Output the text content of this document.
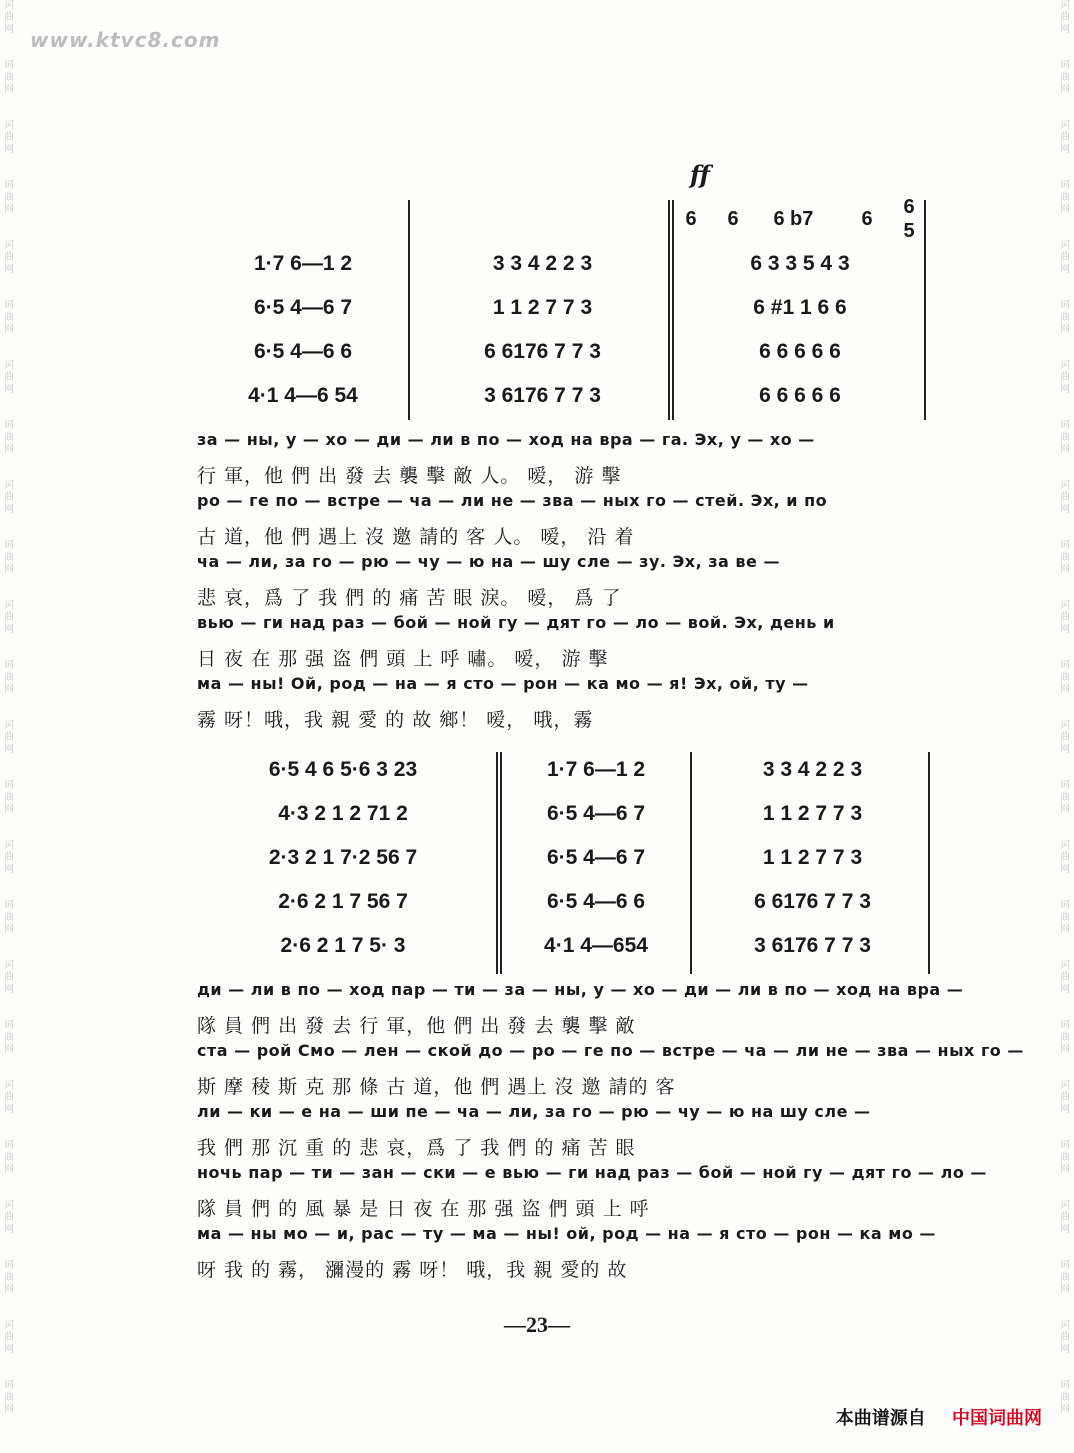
www.ktvc8.com
词
曲
网
词
曲
网
词
曲
网
词
曲
网
词
曲
网
词
曲
网
词
曲
网
词
曲
网
词
曲
网
词
曲
网
词
曲
网
词
曲
网
词
曲
网
词
曲
网
词
曲
网
词
曲
网
词
曲
网
词
曲
网
词
曲
网
词
曲
网
词
曲
网
词
曲
网
词
曲
网
词
曲
网
词
曲
网
词
曲
网
词
曲
网
词
曲
网
词
曲
网
词
曲
网
词
曲
网
词
曲
网
词
曲
网
词
曲
网
词
曲
网
词
曲
网
词
曲
网
词
曲
网
词
曲
网
词
曲
网
词
曲
网
词
曲
网
词
曲
网
词
曲
网
词
曲
网
词
曲
网
词
曲
网
词
曲
网
ff
6 6 6 b7 6
6
5
1·7 6—1 2	3 3 4 2 2 3	6 3 3 5 4 3
6·5 4—6 7	1 1 2 7 7 3	6 #1 1 6 6
6·5 4—6 6	6 6176 7 7 3	6 6 6 6 6
4·1 4—6 54	3 6176 7 7 3	6 6 6 6 6
за — ны, у — хо — ди — ли в по — ход на вра — га. Эх, у — хо —
行 軍，他 們 出 發 去 襲 擊 敵 人。 嗳， 游 擊
ро — ге по — встре — ча — ли не — зва — ных го — стей. Эх, и по
古 道，他 們 遇上 沒 邀 請的 客 人。 嗳， 沿 着
ча — ли, за го — рю — чу — ю на — шу сле — зу. Эх, за ве —
悲 哀，爲 了 我 們 的 痛 苦 眼 淚。 嗳， 爲 了
вью — ги над раз — бой — ной гу — дят го — ло — вой. Эх, день и
日 夜 在 那 强 盗 們 頭 上 呼 嘯。 嗳， 游 擊
ма — ны! Ой, род — на — я сто — рон — ка мо — я! Эх, ой, ту —
霧 呀！哦，我 親 愛 的 故 鄉！ 嗳， 哦，霧
6·5 4 6 5·6 3 23	1·7 6—1 2	3 3 4 2 2 3
4·3 2 1 2 71 2	6·5 4—6 7	1 1 2 7 7 3
2·3 2 1 7·2 56 7	6·5 4—6 7	1 1 2 7 7 3
2·6 2 1 7 56 7	6·5 4—6 6	6 6176 7 7 3
2·6 2 1 7 5· 3	4·1 4—654	3 6176 7 7 3
ди — ли в по — ход пар — ти — за — ны, у — хо — ди — ли в по — ход на вра —
隊 員 們 出 發 去 行 軍，他 們 出 發 去 襲 擊 敵
ста — рой Смо — лен — ской до — ро — ге по — встре — ча — ли не — зва — ных го —
斯 摩 稜 斯 克 那 條 古 道，他 們 遇上 沒 邀 請的 客
ли — ки — е на — ши пе — ча — ли, за го — рю — чу — ю на шу сле —
我 們 那 沉 重 的 悲 哀，爲 了 我 們 的 痛 苦 眼
ночь пар — ти — зан — ски — е вью — ги над раз — бой — ной гу — дят го — ло —
隊 員 們 的 風 暴 是 日 夜 在 那 强 盗 們 頭 上 呼
ма — ны мо — и, рас — ту — ма — ны! ой, род — на — я сто — рон — ка мо —
呀 我 的 霧， 瀰漫的 霧 呀！ 哦，我 親 愛的 故
—23—
本曲谱源自 中国词曲网
